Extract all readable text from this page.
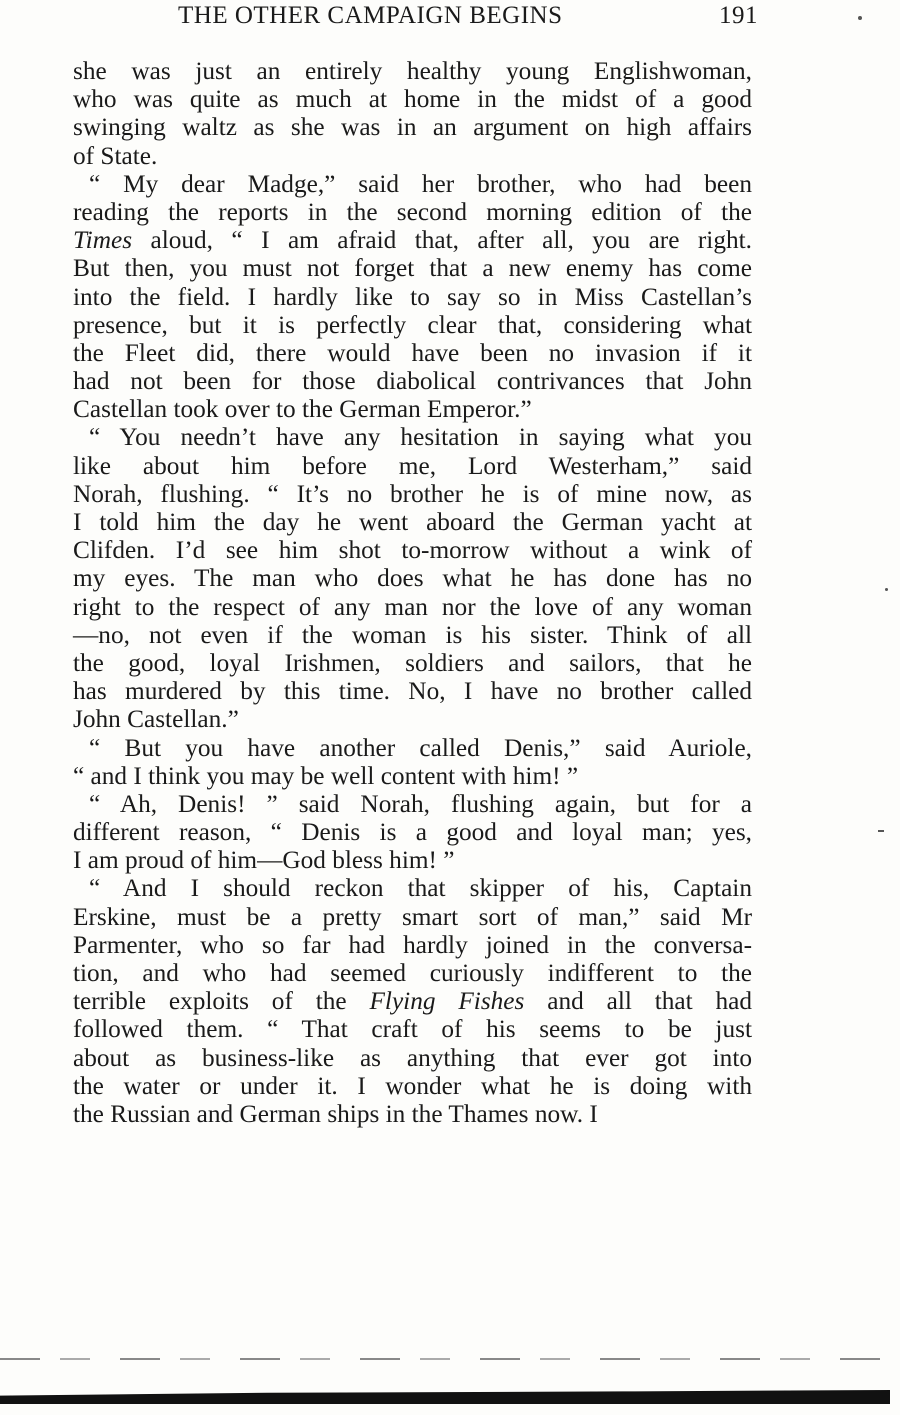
THE OTHER CAMPAIGN BEGINS	191
she was just an entirely healthy young Englishwoman,
who was quite as much at home in the midst of a good
swinging waltz as she was in an argument on high affairs
of State.
“ My dear Madge,” said her brother, who had been
reading the reports in the second morning edition of the
Times aloud, “ I am afraid that, after all, you are right.
But then, you must not forget that a new enemy has come
into the field. I hardly like to say so in Miss Castellan’s
presence, but it is perfectly clear that, considering what
the Fleet did, there would have been no invasion if it
had not been for those diabolical contrivances that John
Castellan took over to the German Emperor.”
“ You needn’t have any hesitation in saying what you
like about him before me, Lord Westerham,” said
Norah, flushing. “ It’s no brother he is of mine now, as
I told him the day he went aboard the German yacht at
Clifden. I’d see him shot to-morrow without a wink of
my eyes. The man who does what he has done has no
right to the respect of any man nor the love of any woman
—no, not even if the woman is his sister. Think of all
the good, loyal Irishmen, soldiers and sailors, that he
has murdered by this time. No, I have no brother called
John Castellan.”
“ But you have another called Denis,” said Auriole,
“ and I think you may be well content with him! ”
“ Ah, Denis! ” said Norah, flushing again, but for a
different reason, “ Denis is a good and loyal man; yes,
I am proud of him—God bless him! ”
“ And I should reckon that skipper of his, Captain
Erskine, must be a pretty smart sort of man,” said Mr
Parmenter, who so far had hardly joined in the conversa-
tion, and who had seemed curiously indifferent to the
terrible exploits of the Flying Fishes and all that had
followed them. “ That craft of his seems to be just
about as business-like as anything that ever got into
the water or under it. I wonder what he is doing with
the Russian and German ships in the Thames now. I
